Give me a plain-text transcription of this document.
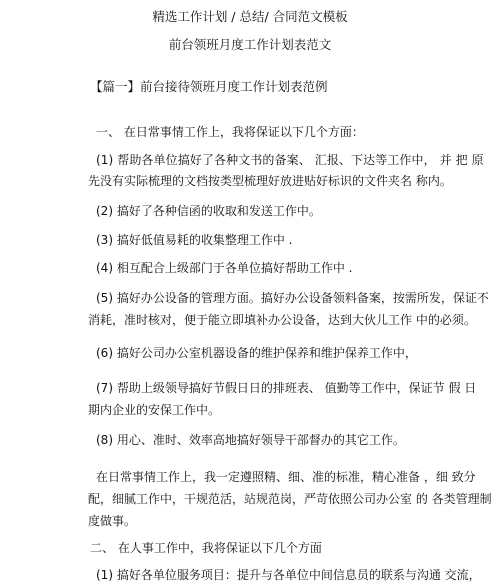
精选工作计划 / 总结/ 合同范文模板
前台领班月度工作计划表范文
【篇一】前台接待领班月度工作计划表范例
一、 在日常事情工作上，我将保证以下几个方面：
(1) 帮助各单位搞好了各种文书的备案、 汇报、下达等工作中， 并 把 原
先没有实际梳理的文档按类型梳理好放进贴好标识的文件夹名 称内。
(2) 搞好了各种信函的收取和发送工作中。
(3) 搞好低值易耗的收集整理工作中 .
(4) 相互配合上级部门于各单位搞好帮助工作中 .
(5) 搞好办公设备的管理方面。搞好办公设备领料备案，按需所发，保证不
消耗，准时核对，便于能立即填补办公设备，达到大伙儿工作 中的必须。
(6) 搞好公司办公室机器设备的维护保养和维护保养工作中，
(7) 帮助上级领导搞好节假日日的排班表、 值勤等工作中，保证节 假 日
期内企业的安保工作中。
(8) 用心、准时、效率高地搞好领导干部督办的其它工作。
在日常事情工作上，我一定遵照精、细、准的标准，精心准备 ，细 致分
配，细腻工作中，干规范活，站规范岗，严苛依照公司办公室 的 各类管理制
度做事。
二、 在人事工作中，我将保证以下几个方面
(1) 搞好各单位服务项目：提升与各单位中间信息员的联系与沟通 交流，
